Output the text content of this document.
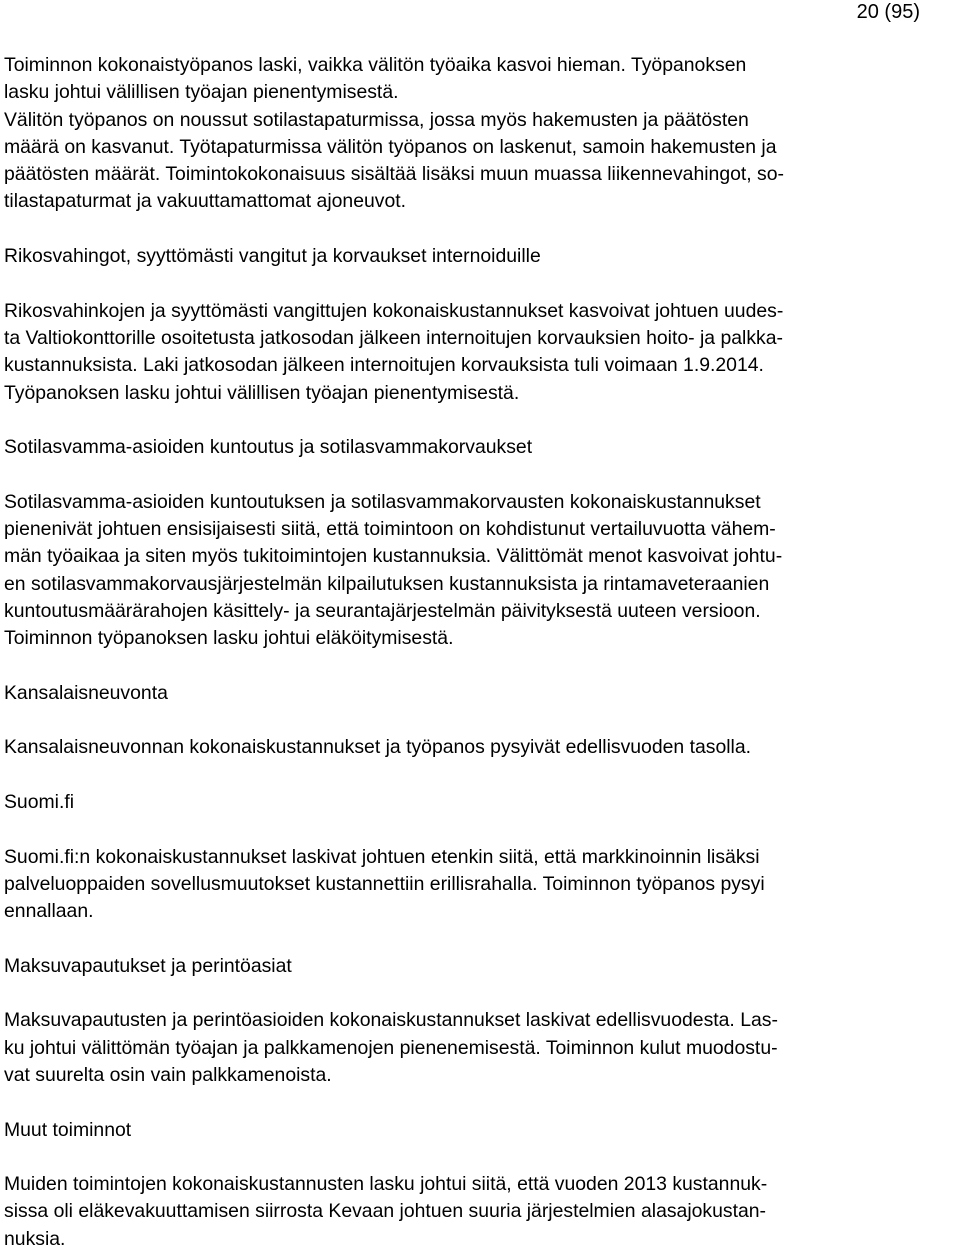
20 (95)

Toiminnon kokonaistyöpanos laski, vaikka välitön työaika kasvoi hieman. Työpanoksen
lasku johtui välillisen työajan pienentymisestä.
Välitön työpanos on noussut sotilastapaturmissa, jossa myös hakemusten ja päätösten
määrä on kasvanut. Työtapaturmissa välitön työpanos on laskenut, samoin hakemusten ja
päätösten määrät. Toimintokokonaisuus sisältää lisäksi muun muassa liikennevahingot, so-
tilastapaturmat ja vakuuttamattomat ajoneuvot.

Rikosvahingot, syyttömästi vangitut ja korvaukset internoiduille

Rikosvahinkojen ja syyttömästi vangittujen kokonaiskustannukset kasvoivat johtuen uudes-
ta Valtiokonttorille osoitetusta jatkosodan jälkeen internoitujen korvauksien hoito- ja palkka-
kustannuksista. Laki jatkosodan jälkeen internoitujen korvauksista tuli voimaan 1.9.2014.
Työpanoksen lasku johtui välillisen työajan pienentymisestä.

Sotilasvamma-asioiden kuntoutus ja sotilasvammakorvaukset

Sotilasvamma-asioiden kuntoutuksen ja sotilasvammakorvausten kokonaiskustannukset
pienenivät johtuen ensisijaisesti siitä, että toimintoon on kohdistunut vertailuvuotta vähem-
män työaikaa ja siten myös tukitoimintojen kustannuksia. Välittömät menot kasvoivat johtu-
en sotilasvammakorvausjärjestelmän kilpailutuksen kustannuksista ja rintamaveteraanien
kuntoutusmäärärahojen käsittely- ja seurantajärjestelmän päivityksestä uuteen versioon.
Toiminnon työpanoksen lasku johtui eläköitymisestä.

Kansalaisneuvonta

Kansalaisneuvonnan kokonaiskustannukset ja työpanos pysyivät edellisvuoden tasolla.

Suomi.fi

Suomi.fi:n kokonaiskustannukset laskivat johtuen etenkin siitä, että markkinoinnin lisäksi
palveluoppaiden sovellusmuutokset kustannettiin erillisrahalla. Toiminnon työpanos pysyi
ennallaan.

Maksuvapautukset ja perintöasiat

Maksuvapautusten ja perintöasioiden kokonaiskustannukset laskivat edellisvuodesta. Las-
ku johtui välittömän työajan ja palkkamenojen pienenemisestä. Toiminnon kulut muodostu-
vat suurelta osin vain palkkamenoista.

Muut toiminnot

Muiden toimintojen kokonaiskustannusten lasku johtui siitä, että vuoden 2013 kustannuk-
sissa oli eläkevakuuttamisen siirrosta Kevaan johtuen suuria järjestelmien alasajokustan-
nuksia.
